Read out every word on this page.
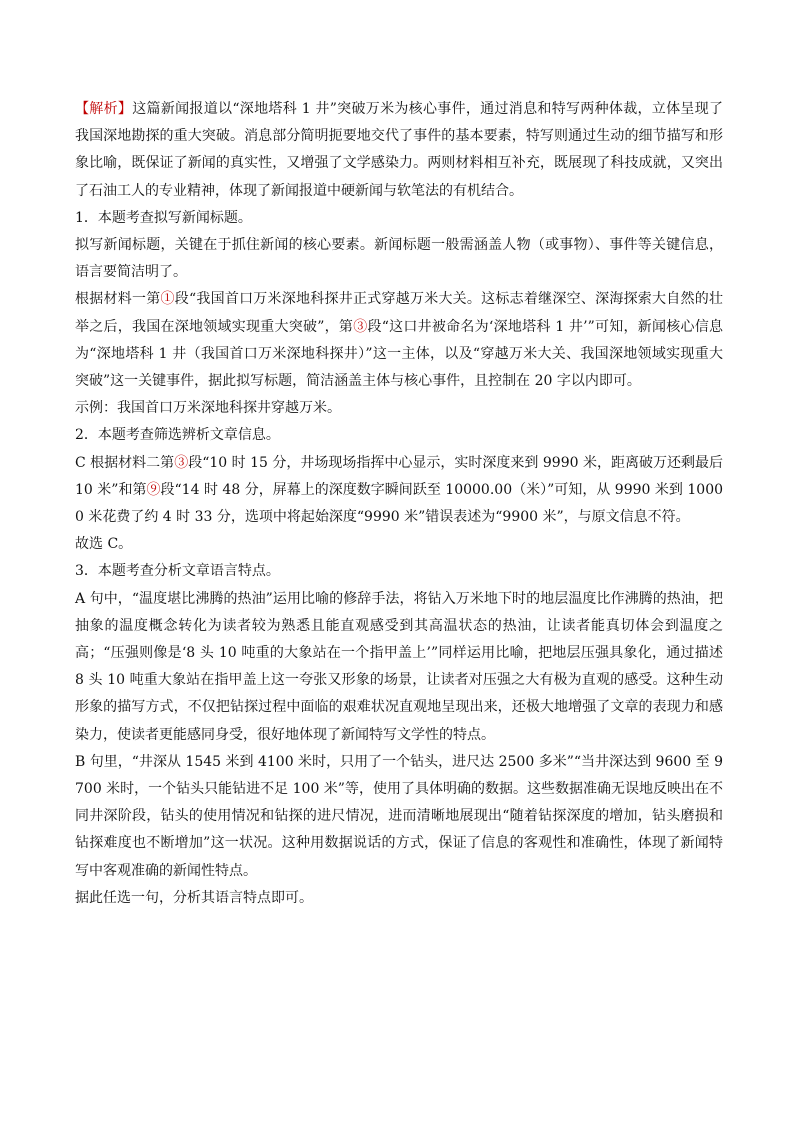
【解析】这篇新闻报道以“深地塔科 1 井”突破万米为核心事件，通过消息和特写两种体裁，立体呈现了我国深地勘探的重大突破。消息部分简明扼要地交代了事件的基本要素，特写则通过生动的细节描写和形象比喻，既保证了新闻的真实性，又增强了文学感染力。两则材料相互补充，既展现了科技成就，又突出了石油工人的专业精神，体现了新闻报道中硬新闻与软笔法的有机结合。

1．本题考查拟写新闻标题。

拟写新闻标题，关键在于抓住新闻的核心要素。新闻标题一般需涵盖人物（或事物）、事件等关键信息，语言要简洁明了。

根据材料一第①段“我国首口万米深地科探井正式穿越万米大关。这标志着继深空、深海探索大自然的壮举之后，我国在深地领域实现重大突破”，第③段“这口井被命名为‘深地塔科 1 井’”可知，新闻核心信息为“深地塔科 1 井（我国首口万米深地科探井）”这一主体，以及“穿越万米大关、我国深地领域实现重大突破”这一关键事件，据此拟写标题，简洁涵盖主体与核心事件，且控制在 20 字以内即可。

示例：我国首口万米深地科探井穿越万米。

2．本题考查筛选辨析文章信息。

C 根据材料二第③段“10 时 15 分，井场现场指挥中心显示，实时深度来到 9990 米，距离破万还剩最后 10 米”和第⑨段“14 时 48 分，屏幕上的深度数字瞬间跃至 10000.00（米）”可知，从 9990 米到 10000 米花费了约 4 时 33 分，选项中将起始深度“9990 米”错误表述为“9900 米”，与原文信息不符。

故选 C。

3．本题考查分析文章语言特点。

A 句中，“温度堪比沸腾的热油”运用比喻的修辞手法，将钻入万米地下时的地层温度比作沸腾的热油，把抽象的温度概念转化为读者较为熟悉且能直观感受到其高温状态的热油，让读者能真切体会到温度之高；“压强则像是‘8 头 10 吨重的大象站在一个指甲盖上’”同样运用比喻，把地层压强具象化，通过描述 8 头 10 吨重大象站在指甲盖上这一夸张又形象的场景，让读者对压强之大有极为直观的感受。这种生动形象的描写方式，不仅把钻探过程中面临的艰难状况直观地呈现出来，还极大地增强了文章的表现力和感染力，使读者更能感同身受，很好地体现了新闻特写文学性的特点。

B 句里，“井深从 1545 米到 4100 米时，只用了一个钻头，进尺达 2500 多米”“当井深达到 9600 至 9700 米时，一个钻头只能钻进不足 100 米”等，使用了具体明确的数据。这些数据准确无误地反映出在不同井深阶段，钻头的使用情况和钻探的进尺情况，进而清晰地展现出“随着钻探深度的增加，钻头磨损和钻探难度也不断增加”这一状况。这种用数据说话的方式，保证了信息的客观性和准确性，体现了新闻特写中客观准确的新闻性特点。

据此任选一句，分析其语言特点即可。
